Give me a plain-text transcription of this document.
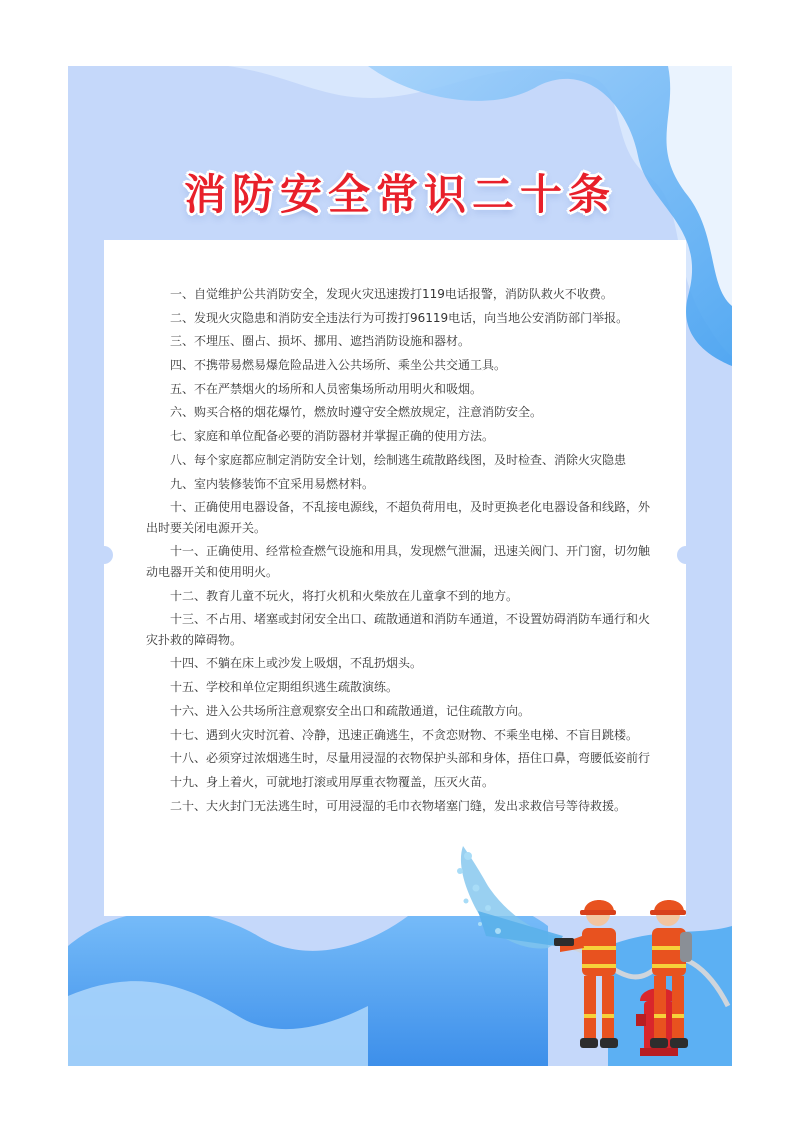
消防安全常识二十条
一、自觉维护公共消防安全，发现火灾迅速拨打119电话报警，消防队救火不收费。
二、发现火灾隐患和消防安全违法行为可拨打96119电话，向当地公安消防部门举报。
三、不埋压、圈占、损坏、挪用、遮挡消防设施和器材。
四、不携带易燃易爆危险品进入公共场所、乘坐公共交通工具。
五、不在严禁烟火的场所和人员密集场所动用明火和吸烟。
六、购买合格的烟花爆竹，燃放时遵守安全燃放规定，注意消防安全。
七、家庭和单位配备必要的消防器材并掌握正确的使用方法。
八、每个家庭都应制定消防安全计划，绘制逃生疏散路线图，及时检查、消除火灾隐患
九、室内装修装饰不宜采用易燃材料。
十、正确使用电器设备，不乱接电源线，不超负荷用电，及时更换老化电器设备和线路，外出时要关闭电源开关。
十一、正确使用、经常检查燃气设施和用具，发现燃气泄漏，迅速关阀门、开门窗，切勿触动电器开关和使用明火。
十二、教育儿童不玩火，将打火机和火柴放在儿童拿不到的地方。
十三、不占用、堵塞或封闭安全出口、疏散通道和消防车通道，不设置妨碍消防车通行和火灾扑救的障碍物。
十四、不躺在床上或沙发上吸烟，不乱扔烟头。
十五、学校和单位定期组织逃生疏散演练。
十六、进入公共场所注意观察安全出口和疏散通道，记住疏散方向。
十七、遇到火灾时沉着、冷静，迅速正确逃生，不贪恋财物、不乘坐电梯、不盲目跳楼。
十八、必须穿过浓烟逃生时，尽量用浸湿的衣物保护头部和身体，捂住口鼻，弯腰低姿前行
十九、身上着火，可就地打滚或用厚重衣物覆盖，压灭火苗。
二十、大火封门无法逃生时，可用浸湿的毛巾衣物堵塞门缝，发出求救信号等待救援。
